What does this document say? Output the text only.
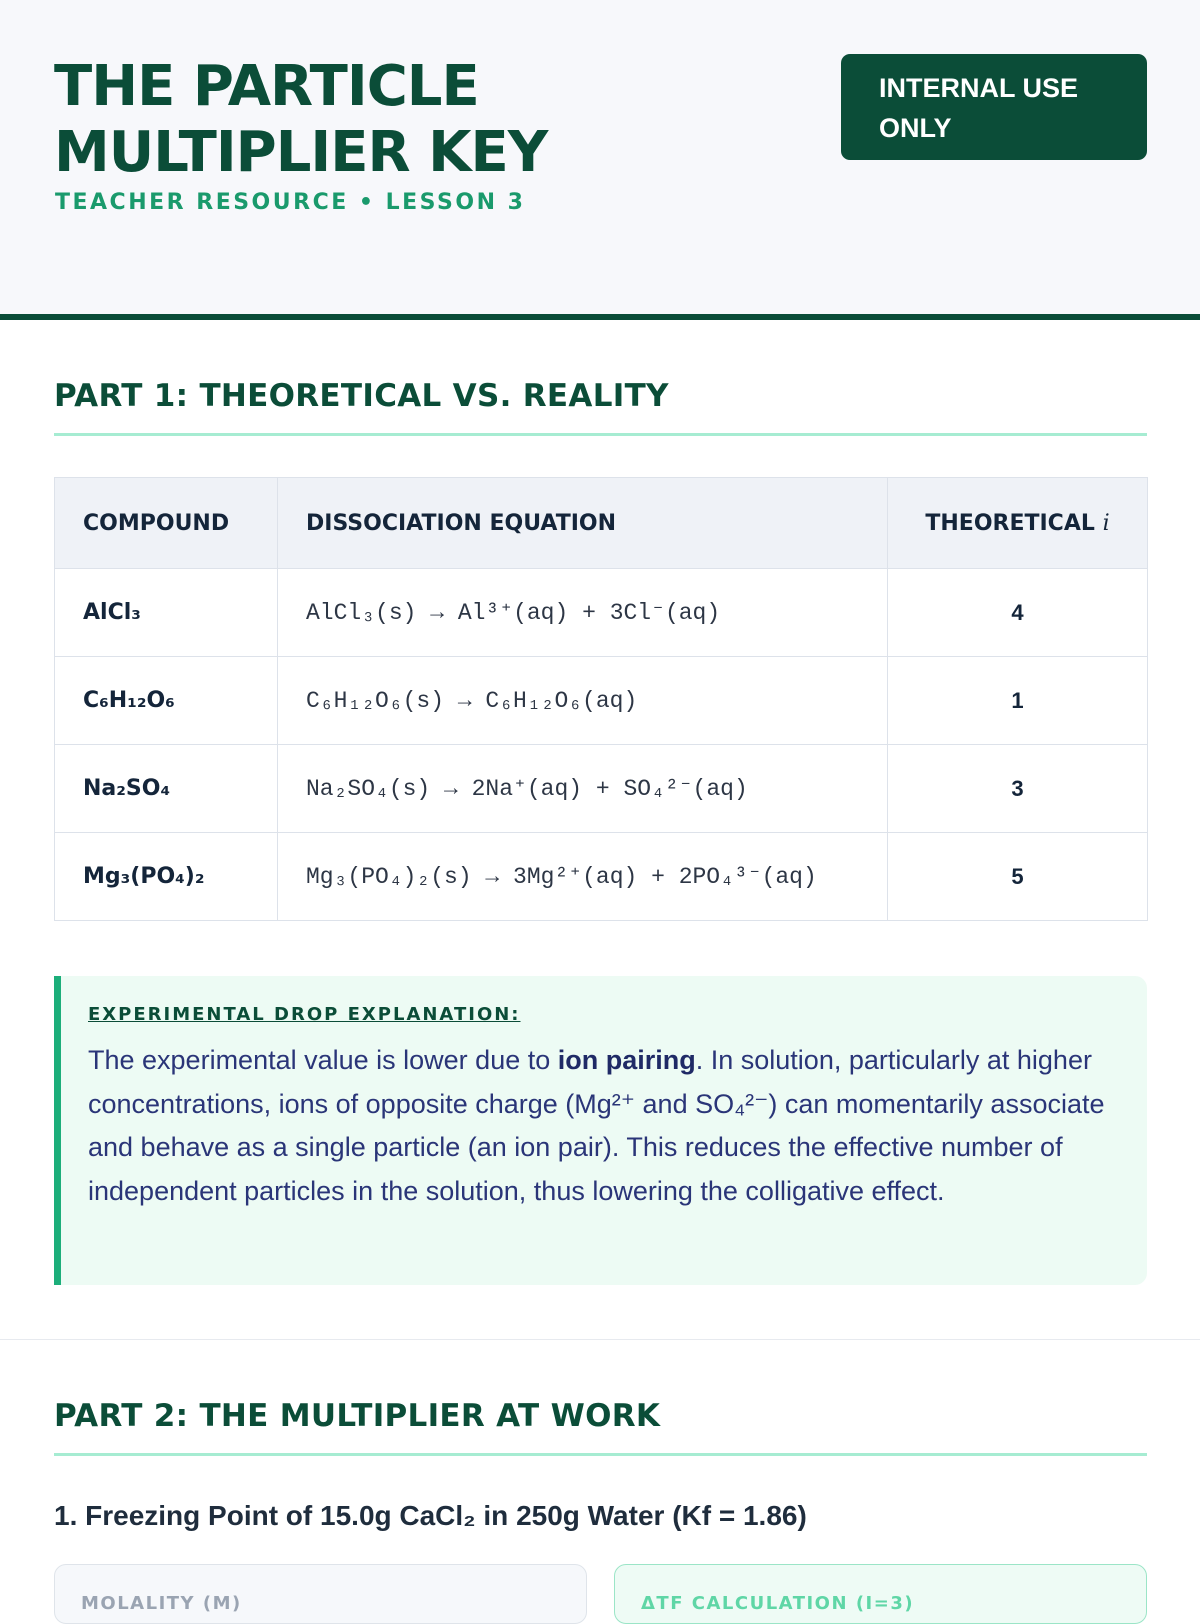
THE PARTICLE MULTIPLIER KEY
TEACHER RESOURCE • LESSON 3
INTERNAL USE ONLY
PART 1: THEORETICAL VS. REALITY
COMPOUND	DISSOCIATION EQUATION	THEORETICAL i
AlCl₃	AlCl₃(s) → Al³⁺(aq) + 3Cl⁻(aq)	4
C₆H₁₂O₆	C₆H₁₂O₆(s) → C₆H₁₂O₆(aq)	1
Na₂SO₄	Na₂SO₄(s) → 2Na⁺(aq) + SO₄²⁻(aq)	3
Mg₃(PO₄)₂	Mg₃(PO₄)₂(s) → 3Mg²⁺(aq) + 2PO₄³⁻(aq)	5
EXPERIMENTAL DROP EXPLANATION:

The experimental value is lower due to ion pairing. In solution, particularly at higher concentrations, ions of opposite charge (Mg²⁺ and SO₄²⁻) can momentarily associate and behave as a single particle (an ion pair). This reduces the effective number of independent particles in the solution, thus lowering the colligative effect.

PART 2: THE MULTIPLIER AT WORK
1. Freezing Point of 15.0g CaCl₂ in 250g Water (Kf = 1.86)
MOLALITY (M)	ΔTF CALCULATION (I=3)
